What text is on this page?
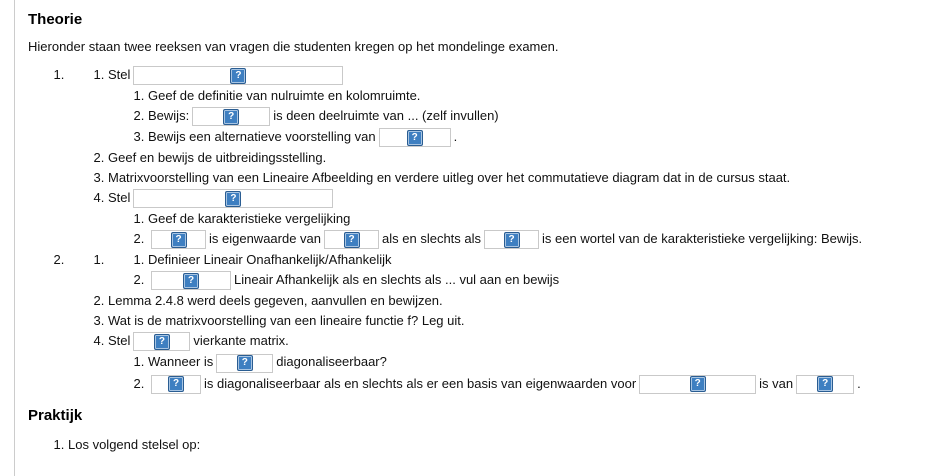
Theorie

Hieronder staan twee reeksen van vragen die studenten kregen op het mondelinge examen.

1. 1. Stel	?
1. Geef de definitie van nulruimte en kolomruimte.
2. Bewijs:	?	is deen deelruimte van ... (zelf invullen)
3. Bewijs een alternatieve voorstelling van	?	.
2. Geef en bewijs de uitbreidingsstelling.
3. Matrixvoorstelling van een Lineaire Afbeelding en verdere uitleg over het commutatieve diagram dat in de cursus staat.
4. Stel	?
1. Geef de karakteristieke vergelijking
2. ?	is eigenwaarde van	?	als en slechts als	?	is een wortel van de karakteristieke vergelijking: Bewijs.
1. 1. 2. Definieer Lineair Onafhankelijk/Afhankelijk
2. ?	Lineair Afhankelijk als en slechts als ... vul aan en bewijs
2. Lemma 2.4.8 werd deels gegeven, aanvullen en bewijzen.
3. Wat is de matrixvoorstelling van een lineaire functie f? Leg uit.
4. Stel	?	vierkante matrix.
1. Wanneer is	?	diagonaliseerbaar?
2. ?	is diagonaliseerbaar als en slechts als er een basis van eigenwaarden voor	?	is van	?	.
Praktijk
1. Los volgend stelsel op:
